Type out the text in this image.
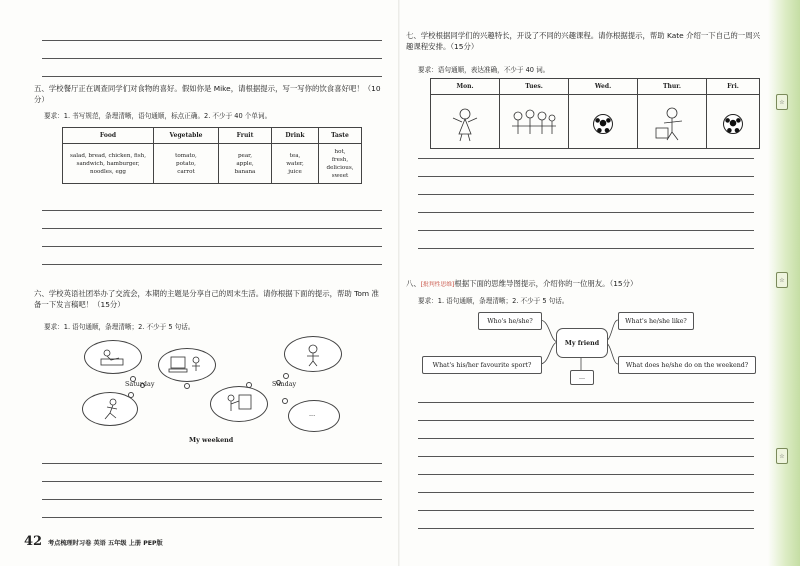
五、学校餐厅正在调查同学们对食物的喜好。假如你是 Mike，请根据提示，写一写你的饮食喜好吧！（10分）
要求：1. 书写规范，条理清晰，语句通顺，标点正确。2. 不少于 40 个单词。
Food	Vegetable	Fruit	Drink	Taste
salad, bread, chicken, fish,
sandwich, hamburger,
noodles, egg	tomato,
potato,
carrot	pear,
apple,
banana	tea,
water,
juice	hot,
fresh,
delicious,
sweet
六、学校英语社团举办了交流会，本期的主题是分享自己的周末生活。请你根据下面的提示，帮助 Tom 准备一下发言稿吧！（15分）
要求：1. 语句通顺，条理清晰；2. 不少于 5 句话。
Saturday	Sunday
...
My weekend
42 考点梳理时习卷 英语 五年级 上册 PEP版
☆
☆
☆
七、学校根据同学们的兴趣特长，开设了不同的兴趣课程。请你根据提示，帮助 Kate 介绍一下自己的一周兴趣课程安排。（15分）
要求：语句通顺，表达准确，不少于 40 词。
Mon.	Tues.	Wed.	Thur.	Fri.

八、[批判性思维]根据下面的思维导图提示，介绍你的一位朋友。（15分）
要求：1. 语句通顺，条理清晰；2. 不少于 5 句话。
Who's he/she?
My friend
What's he/she like?
What's his/her favourite sport?	What does he/she do on the weekend?
...
